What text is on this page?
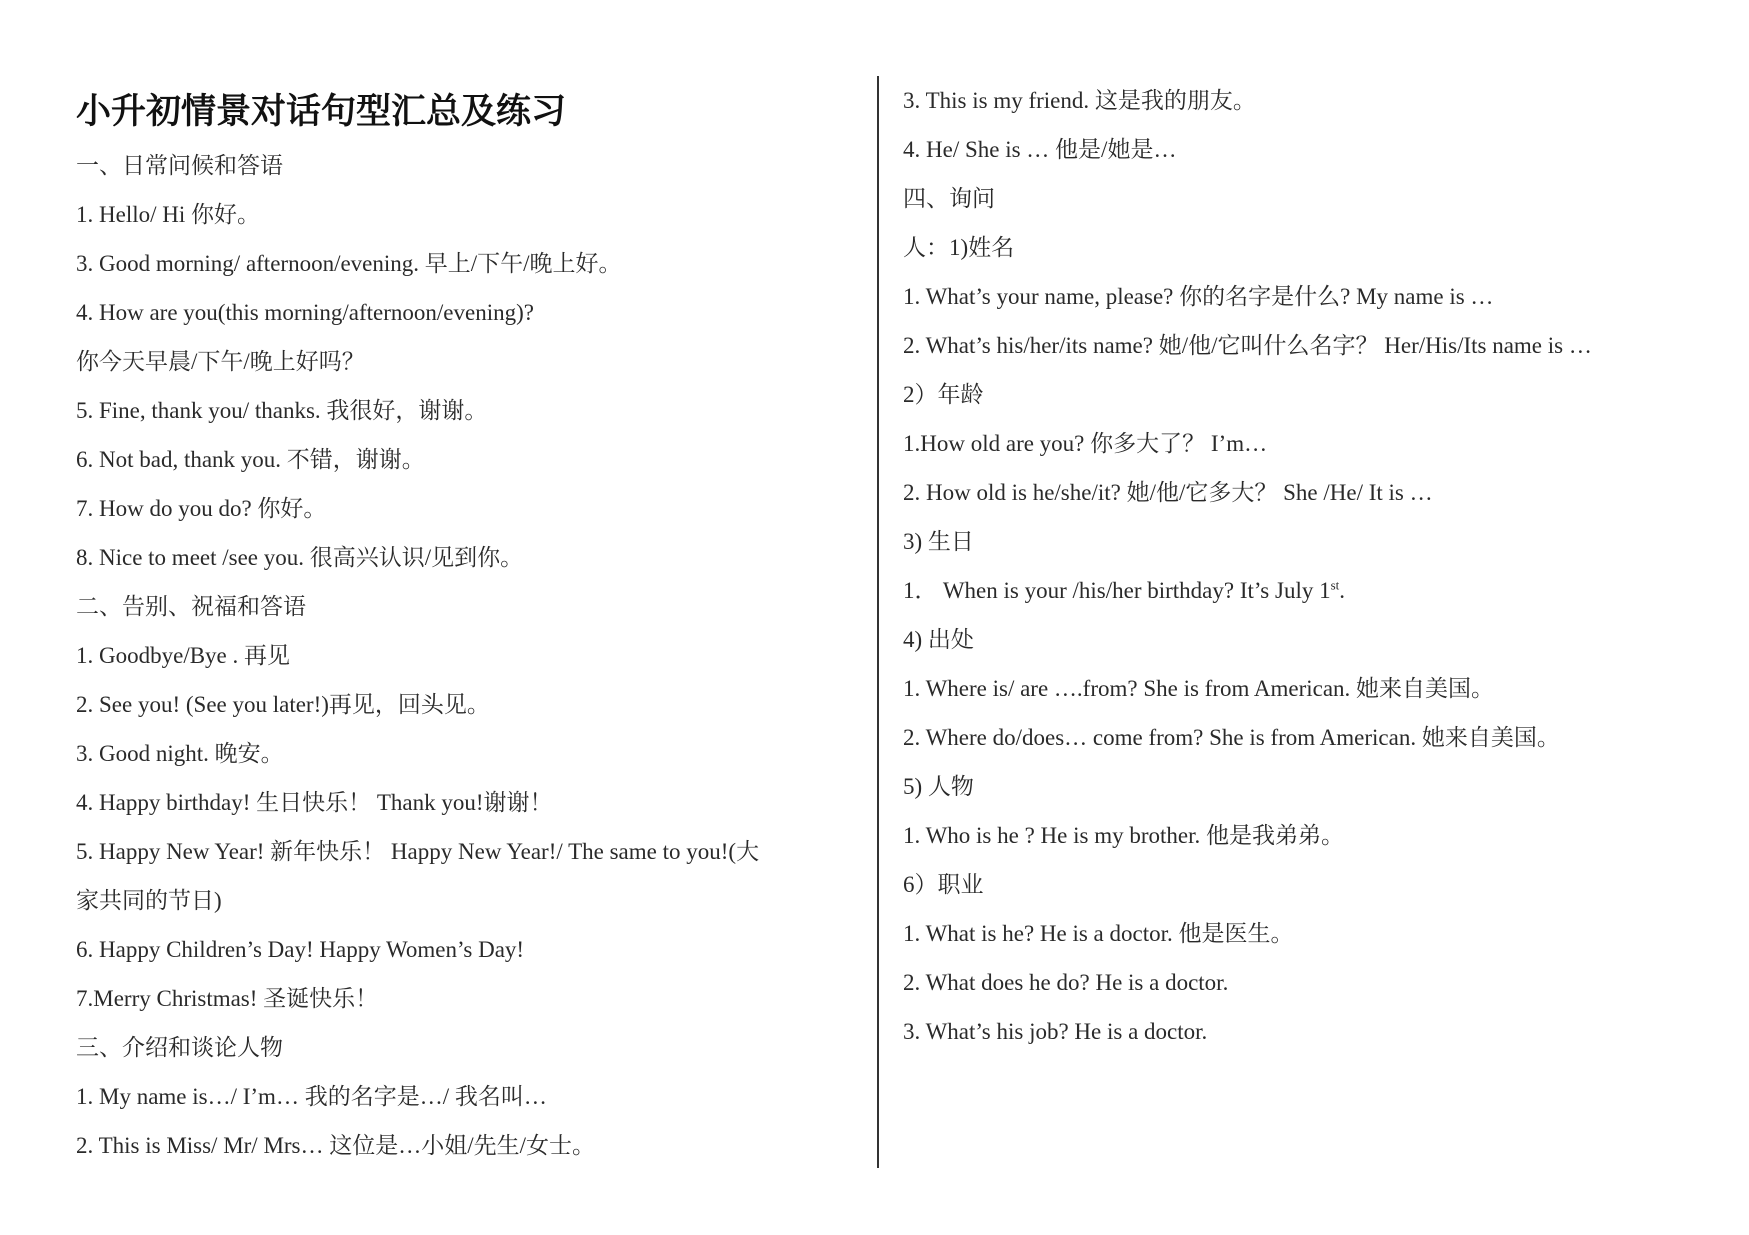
小升初情景对话句型汇总及练习
一、日常问候和答语
1. Hello/ Hi 你好。
3. Good morning/ afternoon/evening. 早上/下午/晚上好。
4. How are you(this morning/afternoon/evening)?
你今天早晨/下午/晚上好吗？
5. Fine, thank you/ thanks. 我很好，谢谢。
6. Not bad, thank you. 不错，谢谢。
7. How do you do? 你好。
8. Nice to meet /see you. 很高兴认识/见到你。
二、告别、祝福和答语
1. Goodbye/Bye . 再见
2. See you! (See you later!)再见，回头见。
3. Good night. 晚安。
4. Happy birthday! 生日快乐！ Thank you!谢谢！
5. Happy New Year! 新年快乐！ Happy New Year!/ The same to you!(大
家共同的节日)
6. Happy Children’s Day! Happy Women’s Day!
7.Merry Christmas! 圣诞快乐！
三、介绍和谈论人物
1. My name is…/ I’m… 我的名字是…/ 我名叫…
2. This is Miss/ Mr/ Mrs… 这位是…小姐/先生/女士。
3. This is my friend. 这是我的朋友。
4. He/ She is … 他是/她是…
四、询问
人：1)姓名
1. What’s your name, please? 你的名字是什么? My name is …
2. What’s his/her/its name? 她/他/它叫什么名字？ Her/His/Its name is …
2）年龄
1.How old are you? 你多大了？ I’m…
2. How old is he/she/it? 她/他/它多大？ She /He/ It is …
3) 生日
1． When is your /his/her birthday? It’s July 1st.
4) 出处
1. Where is/ are ….from? She is from American. 她来自美国。
2. Where do/does… come from? She is from American. 她来自美国。
5) 人物
1. Who is he ? He is my brother. 他是我弟弟。
6）职业
1. What is he? He is a doctor. 他是医生。
2. What does he do? He is a doctor.
3. What’s his job? He is a doctor.
